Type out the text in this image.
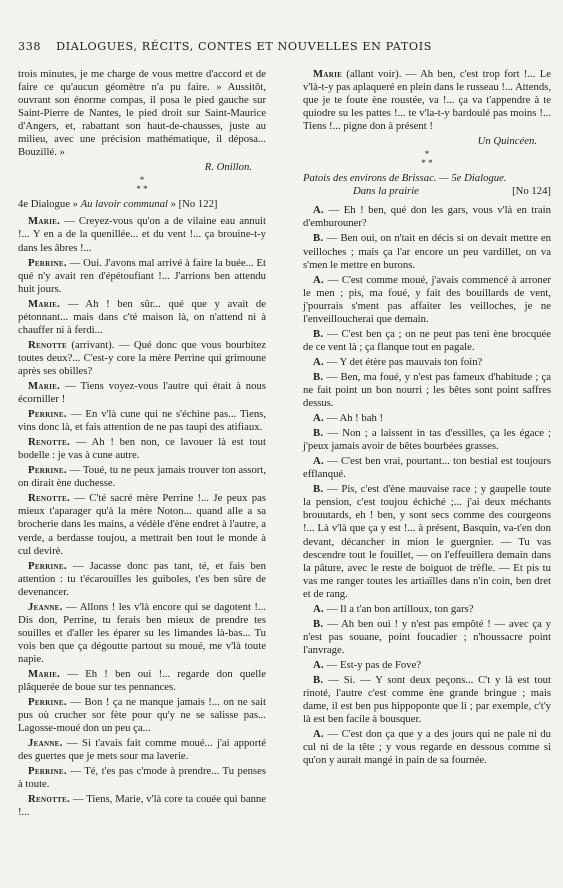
338 DIALOGUES, RÉCITS, CONTES ET NOUVELLES EN PATOIS

trois minutes, je me charge de vous mettre d'accord et de faire ce qu'aucun géomètre n'a pu faire. » Aussitôt, ouvrant son énorme compas, il posa le pied gauche sur Saint-Pierre de Nantes, le pied droit sur Saint-Maurice d'Angers, et, rabattant son haut-de-chausses, juste au milieu, avec une précision mathématique, il déposa... Bouzillé. »

R. Onillon.

*
* *

4e Dialogue » Au lavoir communal » [No 122]

Marie. — Creyez-vous qu'on a de vilaine eau annuit !... Y en a de la quenillée... et du vent !... ça brouine-t-y dans les âbres !...

Perrine. — Oui. J'avons mal arrivé à faire la buée... Et qué n'y avait ren d'épétoufiant !... J'arrions ben attendu huit jours.

Marie. — Ah ! ben sûr... qué que y avait de pétonnant... mais dans c'té maison là, on n'attend ni à chauffer ni à ferdi...

Renotte (arrivant). — Qué donc que vous bourbitez toutes deux?... C'est-y core la mère Perrine qui grimoune après ses obilles?

Marie. — Tiens voyez-vous l'autre qui était à nous écorniller !

Perrine. — En v'là cune qui ne s'échine pas... Tiens, vins donc là, et fais attention de ne pas taupi des atifiaux.

Renotte. — Ah ! ben non, ce lavouer là est tout bodelle : je vas à cune autre.

Perrine. — Toué, tu ne peux jamais trouver ton assort, on dirait ène duchesse.

Renotte. — C'té sacré mère Perrine !... Je peux pas mieux t'aparager qu'à la mère Noton... quand alle a sa brocherie dans les mains, a védèle d'ène endret à l'autre, a verde, a berdasse toujou, a mettrait ben tout le monde à cul devirè.

Perrine. — Jacasse donc pas tant, té, et fais ben attention : tu t'écarouilles les guiboles, t'es ben sûre de devenancer.

Jeanne. — Allons ! les v'là encore qui se dagotent !... Dis don, Perrine, tu ferais ben mieux de prendre tes souilles et d'aller les éparer su les limandes là-bas... Tu vois ben que ça dégoutte partout su moué, me v'là toute napie.

Marie. — Eh ! ben oui !... regarde don quelle plâquerée de boue sur tes pennances.

Perrine. — Bon ! ça ne manque jamais !... on ne sait pus où crucher sor fète pour qu'y ne se salisse pas... Lagosse-moué don un peu ça...

Jeanne. — Si t'avais fait comme moué... j'ai apporté des guertes que je mets sour ma laverie.

Perrine. — Té, t'es pas c'mode à prendre... Tu penses à toute.

Renotte. — Tiens, Marie, v'là core ta couée qui banne !...

Marie (allant voir). — Ah ben, c'est trop fort !... Le v'là-t-y pas aplaqueré en plein dans le russeau !... Attends, que je te foute ène roustée, va !... ça va t'appendre à te quiodre su les pattes !... te v'la-t-y bardoulé pas moins !... Tiens !... pigne don à présent !

Un Quincéen.

*
* *

Patois des environs de Brissac. — 5e Dialogue.

Dans la prairie	[No 124]

A. — Eh ! ben, qué don les gars, vous v'là en train d'emburouner?

B. — Ben oui, on n'tait en décis si on devait mettre en veilloches ; mais ça l'ar encore un peu vardillet, on va s'men le mettre en burons.

A. — C'est comme moué, j'avais commencé à arroner le men ; pis, ma foué, y fait des bouillards de vent, j'pourrais s'ment pas affaiter les veilloches, je ne l'enveilloucherai que demain.

B. — C'est ben ça ; on ne peut pas teni ène brocquée de ce vent là ; ça flanque tout en pagale.

A. — Y det étère pas mauvais ton foin?

B. — Ben, ma foué, y n'est pas fameux d'habitude ; ça ne fait point un bon nourri ; les bêtes sont point saffres dessus.

A. — Ah ! bah !

B. — Non ; a laissent in tas d'essilles, ça les égace ; j'peux jamais avoir de bêtes bourbées grasses.

A. — C'est ben vrai, pourtant... ton bestial est toujours efflanqué.

B. — Pis, c'est d'ène mauvaise race ; y gaupelle toute la pension, c'est toujou échiché ;... j'ai deux méchants brouutards, eh ! ben, y sont secs comme des courgeons !... Là v'là que ça y est !... à présent, Basquin, va-t'en don devant, décancher in mion le guergnier. — Tu vas descendre tout le fouillet, — on l'effeuillera demain dans la pâture, avec le reste de boiguot de trèfle. — Et pis tu vas me ranger toutes les artiaïlles dans n'in coin, ben dret et de rang.

A. — Il a t'an bon artilloux, ton gars?

B. — Ah ben oui ! y n'est pas empôté ! — avec ça y n'est pas souane, point foucadier ; n'houssacre point l'anvrage.

A. — Est-y pas de Fove?

B. — Si. — Y sont deux peçons... C't y là est tout rinoté, l'autre c'est comme ène grande bringue ; mais dame, il est ben pus hippoponte que li ; par exemple, c't'y là est ben facile à bousquer.

A. — C'est don ça que y a des jours qui ne pale ni du cul ni de la tête ; y vous regarde en dessous comme si qu'on y aurait mangé in pain de sa fournée.
